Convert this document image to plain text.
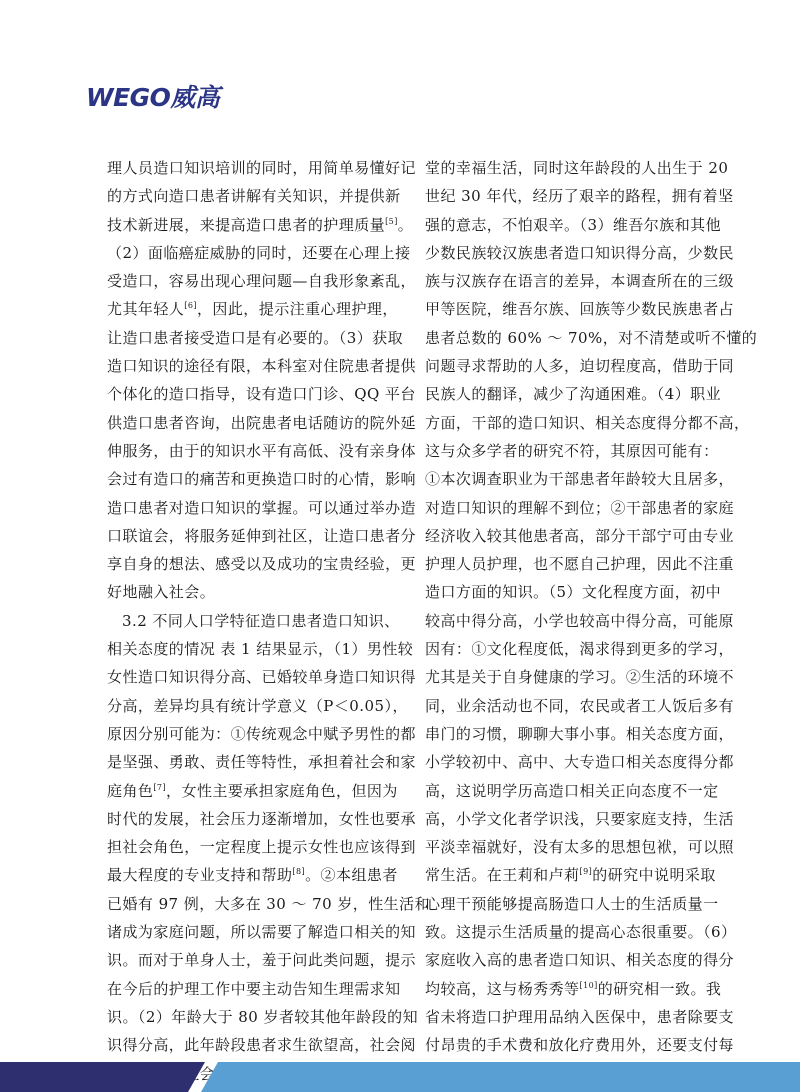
WEGO威高
理人员造口知识培训的同时，用简单易懂好记
的方式向造口患者讲解有关知识，并提供新
技术新进展，来提高造口患者的护理质量[5]。
（2）面临癌症威胁的同时，还要在心理上接
受造口，容易出现心理问题—自我形象紊乱，
尤其年轻人[6]，因此，提示注重心理护理，
让造口患者接受造口是有必要的。（3）获取
造口知识的途径有限，本科室对住院患者提供
个体化的造口指导，设有造口门诊、QQ 平台
供造口患者咨询，出院患者电话随访的院外延
伸服务，由于的知识水平有高低、没有亲身体
会过有造口的痛苦和更换造口时的心情，影响
造口患者对造口知识的掌握。可以通过举办造
口联谊会，将服务延伸到社区，让造口患者分
享自身的想法、感受以及成功的宝贵经验，更
好地融入社会。
3.2 不同人口学特征造口患者造口知识、
相关态度的情况 表 1 结果显示，（1）男性较
女性造口知识得分高、已婚较单身造口知识得
分高，差异均具有统计学意义（P＜0.05），
原因分别可能为：①传统观念中赋予男性的都
是坚强、勇敢、责任等特性，承担着社会和家
庭角色[7]，女性主要承担家庭角色，但因为
时代的发展，社会压力逐渐增加，女性也要承
担社会角色，一定程度上提示女性也应该得到
最大程度的专业支持和帮助[8]。②本组患者
已婚有 97 例，大多在 30 ～ 70 岁，性生活和
诸成为家庭问题，所以需要了解造口相关的知
识。而对于单身人士，羞于问此类问题，提示
在今后的护理工作中要主动告知生理需求知
识。（2）年龄大于 80 岁者较其他年龄段的知
识得分高，此年龄段患者求生欲望高，社会阅
堂的幸福生活，同时这年龄段的人出生于 20
世纪 30 年代，经历了艰辛的路程，拥有着坚
强的意志，不怕艰辛。（3）维吾尔族和其他
少数民族较汉族患者造口知识得分高，少数民
族与汉族存在语言的差异，本调查所在的三级
甲等医院，维吾尔族、回族等少数民族患者占
患者总数的 60% ～ 70%，对不清楚或听不懂的
问题寻求帮助的人多，迫切程度高，借助于同
民族人的翻译，减少了沟通困难。（4）职业
方面，干部的造口知识、相关态度得分都不高，
这与众多学者的研究不符，其原因可能有：
①本次调查职业为干部患者年龄较大且居多，
对造口知识的理解不到位；②干部患者的家庭
经济收入较其他患者高，部分干部宁可由专业
护理人员护理，也不愿自己护理，因此不注重
造口方面的知识。（5）文化程度方面，初中
较高中得分高，小学也较高中得分高，可能原
因有：①文化程度低，渴求得到更多的学习，
尤其是关于自身健康的学习。②生活的环境不
同，业余活动也不同，农民或者工人饭后多有
串门的习惯，聊聊大事小事。相关态度方面，
小学较初中、高中、大专造口相关态度得分都
高，这说明学历高造口相关正向态度不一定
高，小学文化者学识浅，只要家庭支持，生活
平淡幸福就好，没有太多的思想包袱，可以照
常生活。在王莉和卢莉[9]的研究中说明采取
心理干预能够提高肠造口人士的生活质量一
致。这提示生活质量的提高心态很重要。（6）
家庭收入高的患者造口知识、相关态度的得分
均较高，这与杨秀秀等[10]的研究相一致。我
省未将造口护理用品纳入医保中，患者除要支
付昂贵的手术费和放化疗费用外，还要支付每
